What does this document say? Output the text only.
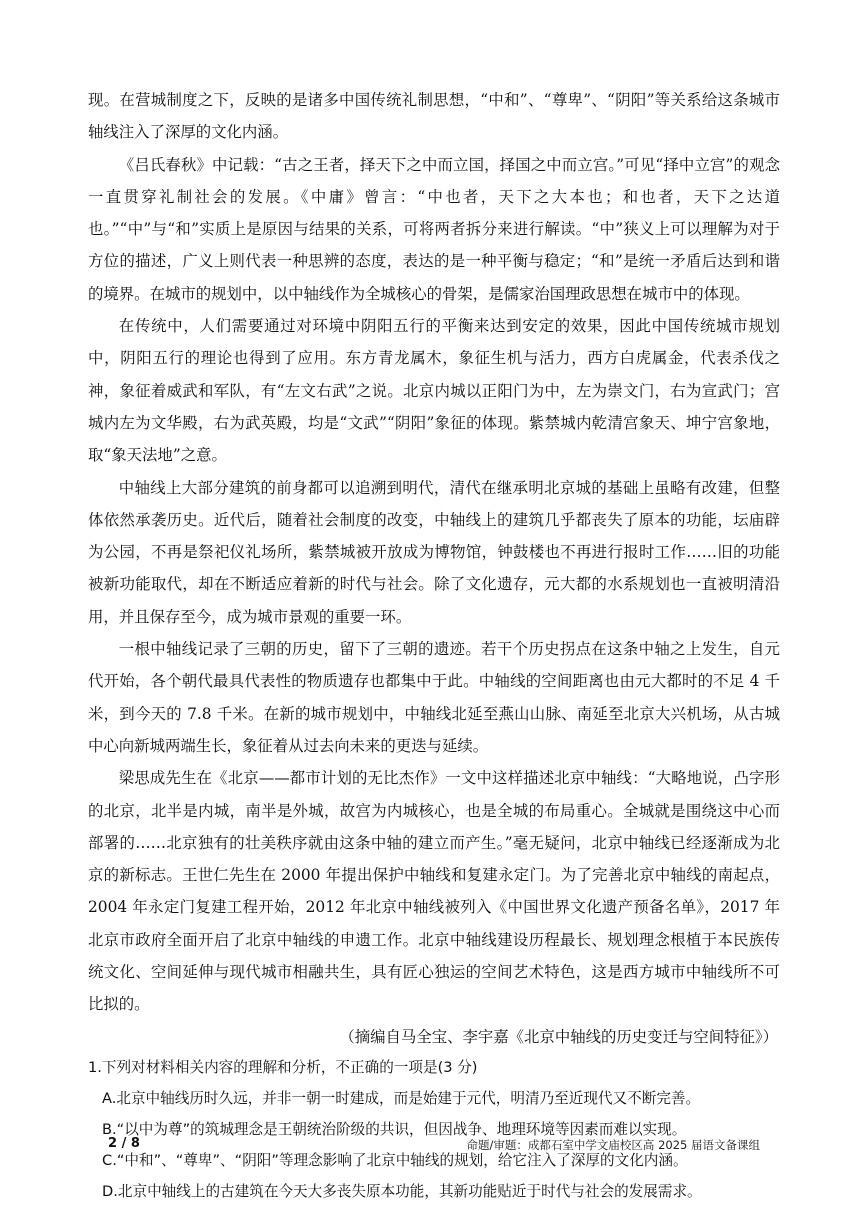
现。在营城制度之下，反映的是诸多中国传统礼制思想，“中和”、“尊卑”、“阴阳”等关系给这条城市轴线注入了深厚的文化内涵。

《吕氏春秋》中记载：“古之王者，择天下之中而立国，择国之中而立宫。”可见“择中立宫”的观念一直贯穿礼制社会的发展。《中庸》曾言：“中也者，天下之大本也；和也者，天下之达道也。”“中”与“和”实质上是原因与结果的关系，可将两者拆分来进行解读。“中”狭义上可以理解为对于方位的描述，广义上则代表一种思辨的态度，表达的是一种平衡与稳定；“和”是统一矛盾后达到和谐的境界。在城市的规划中，以中轴线作为全城核心的骨架，是儒家治国理政思想在城市中的体现。

在传统中，人们需要通过对环境中阴阳五行的平衡来达到安定的效果，因此中国传统城市规划中，阴阳五行的理论也得到了应用。东方青龙属木，象征生机与活力，西方白虎属金，代表杀伐之神，象征着威武和军队，有“左文右武”之说。北京内城以正阳门为中，左为崇文门，右为宣武门；宫城内左为文华殿，右为武英殿，均是“文武”“阴阳”象征的体现。紫禁城内乾清宫象天、坤宁宫象地，取“象天法地”之意。

中轴线上大部分建筑的前身都可以追溯到明代，清代在继承明北京城的基础上虽略有改建，但整体依然承袭历史。近代后，随着社会制度的改变，中轴线上的建筑几乎都丧失了原本的功能，坛庙辟为公园，不再是祭祀仪礼场所，紫禁城被开放成为博物馆，钟鼓楼也不再进行报时工作……旧的功能被新功能取代，却在不断适应着新的时代与社会。除了文化遗存，元大都的水系规划也一直被明清沿用，并且保存至今，成为城市景观的重要一环。

一根中轴线记录了三朝的历史，留下了三朝的遗迹。若干个历史拐点在这条中轴之上发生，自元代开始，各个朝代最具代表性的物质遗存也都集中于此。中轴线的空间距离也由元大都时的不足 4 千米，到今天的 7.8 千米。在新的城市规划中，中轴线北延至燕山山脉、南延至北京大兴机场，从古城中心向新城两端生长，象征着从过去向未来的更迭与延续。

梁思成先生在《北京——都市计划的无比杰作》一文中这样描述北京中轴线：“大略地说，凸字形的北京，北半是内城，南半是外城，故宫为内城核心，也是全城的布局重心。全城就是围绕这中心而部署的……北京独有的壮美秩序就由这条中轴的建立而产生。”毫无疑问，北京中轴线已经逐渐成为北京的新标志。王世仁先生在 2000 年提出保护中轴线和复建永定门。为了完善北京中轴线的南起点，2004 年永定门复建工程开始，2012 年北京中轴线被列入《中国世界文化遗产预备名单》，2017 年北京市政府全面开启了北京中轴线的申遗工作。北京中轴线建设历程最长、规划理念根植于本民族传统文化、空间延伸与现代城市相融共生，具有匠心独运的空间艺术特色，这是西方城市中轴线所不可比拟的。

（摘编自马全宝、李宇嘉《北京中轴线的历史变迁与空间特征》）

1.下列对材料相关内容的理解和分析，不正确的一项是(3 分)

A.北京中轴线历时久远，并非一朝一时建成，而是始建于元代，明清乃至近现代又不断完善。

B.“以中为尊”的筑城理念是王朝统治阶级的共识，但因战争、地理环境等因素而难以实现。

C.“中和”、“尊卑”、“阴阳”等理念影响了北京中轴线的规划，给它注入了深厚的文化内涵。

D.北京中轴线上的古建筑在今天大多丧失原本功能，其新功能贴近于时代与社会的发展需求。

2 / 8	命题/审题：成都石室中学文庙校区高 2025 届语文备课组
